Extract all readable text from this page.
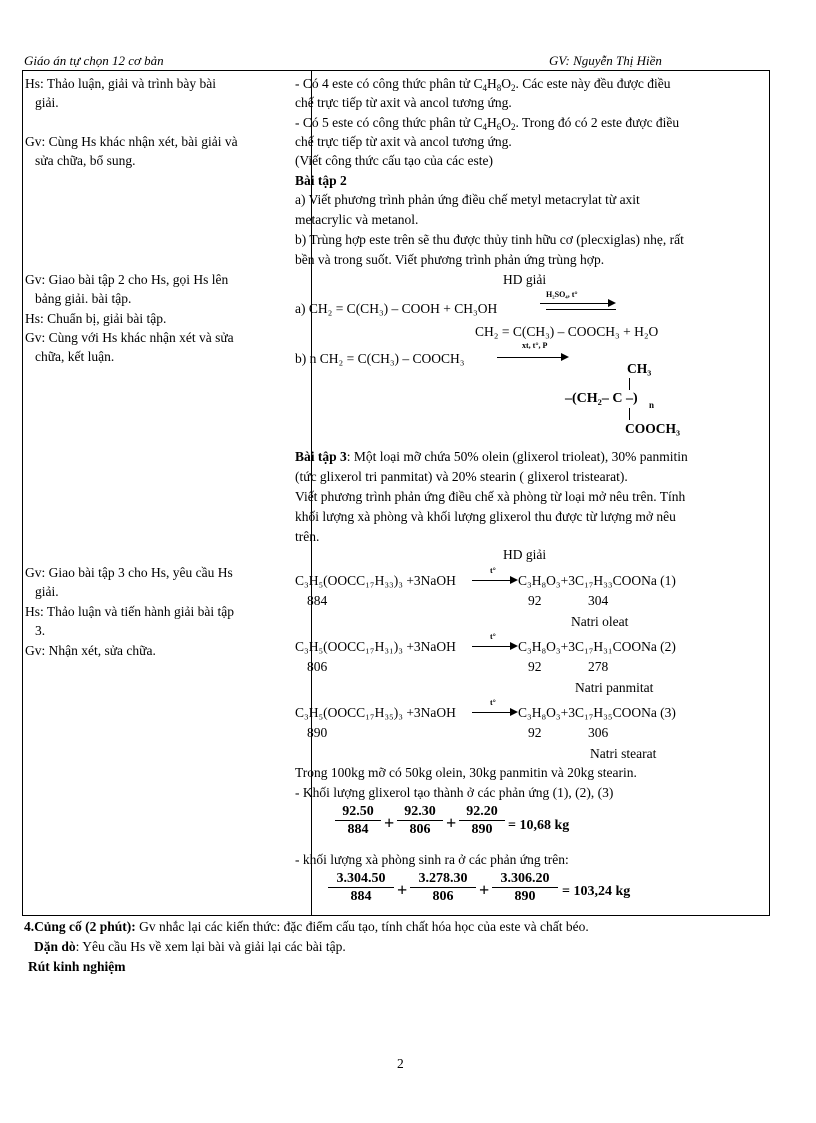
Giáo án tự chọn 12 cơ bản	GV: Nguyễn Thị Hiền
Hs: Thảo luận, giải và trình bày bài
giải.
Gv: Cùng Hs khác nhận xét, bài giải và
sửa chữa, bổ sung.
Gv: Giao bài tập 2 cho Hs, gọi Hs lên
bảng giải. bài tập.
Hs: Chuẩn bị, giải bài tập.
Gv: Cùng với Hs khác nhận xét và sửa
chữa, kết luận.
Gv: Giao bài tập 3 cho Hs, yêu cầu Hs
giải.
Hs: Thảo luận và tiến hành giải bài tập
3.
Gv: Nhận xét, sửa chữa.
- Có 4 este có công thức phân tử $C_4H_8O_2$. Các este này đều được điều
chế trực tiếp từ axit và ancol tương ứng.
- Có 5 este có công thức phân tử $C_4H_6O_2$. Trong đó có 2 este được điều
chế trực tiếp từ axit và ancol tương ứng.
(Viết công thức cấu tạo của các este)
Bài tập 2
a) Viết phương trình phản ứng điều chế metyl metacrylat từ axit
metacrylic và metanol.
b) Trùng hợp este trên sẽ thu được thủy tinh hữu cơ (plecxiglas) nhẹ, rất
bền và trong suốt. Viết phương trình phản ứng trùng hợp.
HD giải
a) CH₂ = C(CH₃) – COOH + CH₃OH
H₂SO₄, t°
CH₂ = C(CH₃) – COOCH₃ + H₂O
b) n CH₂ = C(CH₃) – COOCH₃
xt, t°, P
CH₃
–(CH₂– C –) n
COOCH₃
Bài tập 3: Một loại mỡ chứa 50% olein (glixerol trioleat), 30% panmitin
(tức glixerol tri panmitat) và 20% stearin ( glixerol tristearat).
Viết phương trình phản ứng điều chế xà phòng từ loại mở nêu trên. Tính
khối lượng xà phòng và khối lượng glixerol thu được từ lượng mở nêu
trên.
HD giải
C₃H₅(OOCC₁₇H₃₃)₃ +3NaOH
t°
C₃H₈O₃+3C₁₇H₃₃COONa (1)
884	92	304
Natri oleat
C₃H₅(OOCC₁₇H₃₁)₃ +3NaOH
t°
C₃H₈O₃+3C₁₇H₃₁COONa (2)
806	92	278
Natri panmitat
C₃H₅(OOCC₁₇H₃₅)₃ +3NaOH
t°
C₃H₈O₃+3C₁₇H₃₅COONa (3)
890	92	306
Natri stearat
Trong 100kg mỡ có 50kg olein, 30kg panmitin và 20kg stearin.
- Khối lượng glixerol tạo thành ở các phản ứng (1), (2), (3)
$\frac{92.50}{884} + \frac{92.30}{806} + \frac{92.20}{890} = 10,68$ kg
- khối lượng xà phòng sinh ra ở các phản ứng trên:
$\frac{3.304.50}{884} + \frac{3.278.30}{806} + \frac{3.306.20}{890} = 103,24$ kg
4.Củng cố (2 phút): Gv nhắc lại các kiến thức: đặc điểm cấu tạo, tính chất hóa học của este và chất béo.
Dặn dò: Yêu cầu Hs về xem lại bài và giải lại các bài tập.
Rút kinh nghiệm
2
